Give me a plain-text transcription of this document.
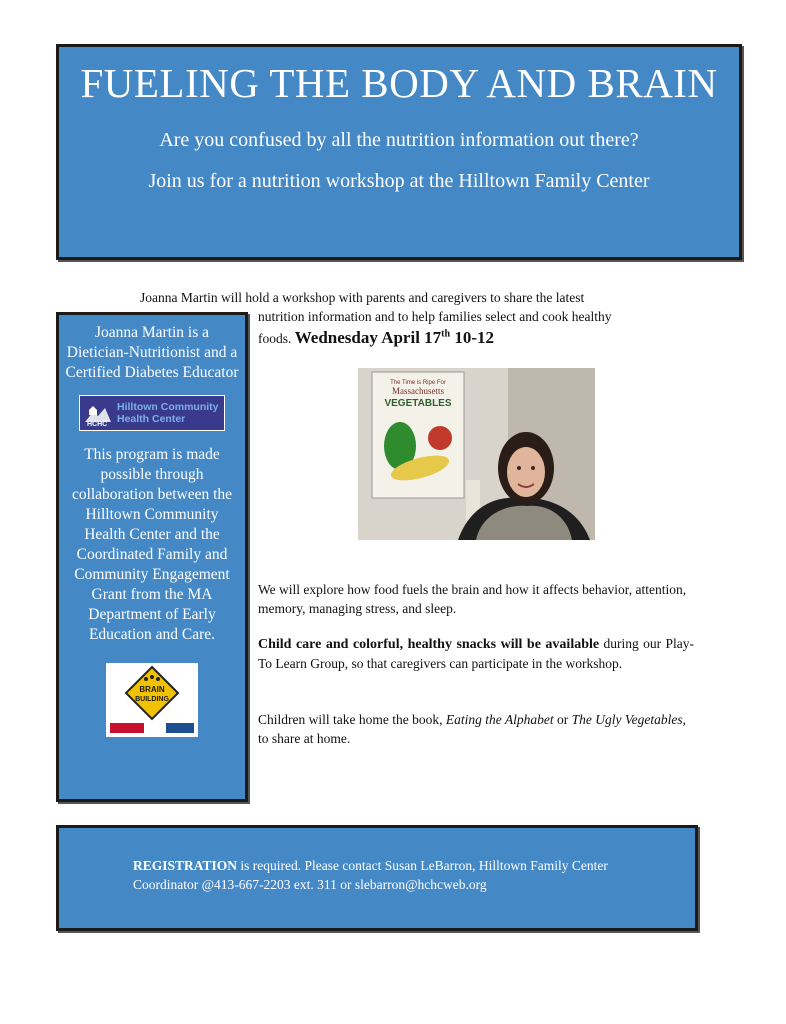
FUELING THE BODY AND BRAIN
Are you confused by all the nutrition information out there?
Join us for a nutrition workshop at the Hilltown Family Center
Joanna Martin will hold a workshop with parents and caregivers to share the latest
nutrition information and to help families select and cook healthy
foods. Wednesday April 17th 10-12
Joanna Martin is a Dietician-Nutritionist and a Certified Diabetes Educator
HCHC
Hilltown Community
Health Center
This program is made possible through collaboration between the Hilltown Community Health Center and the Coordinated Family and Community Engagement Grant from the MA Department of Early Education and Care.
BRAIN
BUILDING
The Time is Ripe For
Massachusetts
VEGETABLES
We will explore how food fuels the brain and how it affects behavior, attention, memory, managing stress, and sleep.
Child care and colorful, healthy snacks will be available during our Play-To Learn Group, so that caregivers can participate in the workshop.
Children will take home the book, Eating the Alphabet or The Ugly Vegetables, to share at home.

REGISTRATION is required. Please contact Susan LeBarron, Hilltown Family Center Coordinator @413-667-2203 ext. 311 or slebarron@hchcweb.org
